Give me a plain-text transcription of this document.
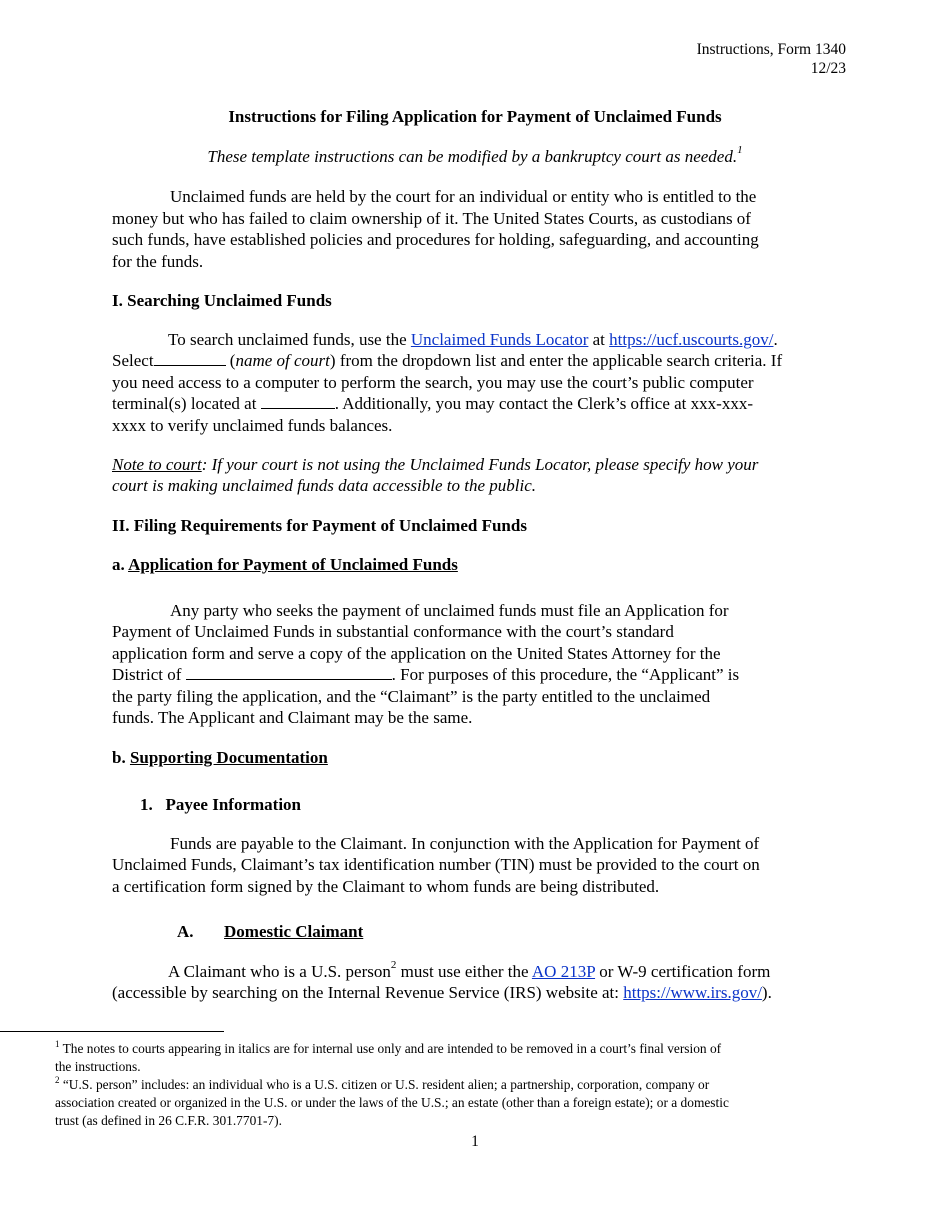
Instructions, Form 1340
12/23
Instructions for Filing Application for Payment of Unclaimed Funds
These template instructions can be modified by a bankruptcy court as needed.$^1$
Unclaimed funds are held by the court for an individual or entity who is entitled to the
money but who has failed to claim ownership of it. The United States Courts, as custodians of
such funds, have established policies and procedures for holding, safeguarding, and accounting
for the funds.
I. Searching Unclaimed Funds
To search unclaimed funds, use the Unclaimed Funds Locator at https://ucf.uscourts.gov/.
Select	(name of court) from the dropdown list and enter the applicable search criteria. If
you need access to a computer to perform the search, you may use the court’s public computer
terminal(s) located at	. Additionally, you may contact the Clerk’s office at xxx-xxx-
xxxx to verify unclaimed funds balances.
Note to court: If your court is not using the Unclaimed Funds Locator, please specify how your
court is making unclaimed funds data accessible to the public.
II. Filing Requirements for Payment of Unclaimed Funds
a. Application for Payment of Unclaimed Funds
Any party who seeks the payment of unclaimed funds must file an Application for
Payment of Unclaimed Funds in substantial conformance with the court’s standard
application form and serve a copy of the application on the United States Attorney for the
District of	. For purposes of this procedure, the “Applicant” is
the party filing the application, and the “Claimant” is the party entitled to the unclaimed
funds. The Applicant and Claimant may be the same.
b. Supporting Documentation
1.   Payee Information
Funds are payable to the Claimant. In conjunction with the Application for Payment of
Unclaimed Funds, Claimant’s tax identification number (TIN) must be provided to the court on
a certification form signed by the Claimant to whom funds are being distributed.
A. Domestic Claimant
A Claimant who is a U.S. person$^2$ must use either the AO 213P or W-9 certification form
(accessible by searching on the Internal Revenue Service (IRS) website at: https://www.irs.gov/).
$^1$ The notes to courts appearing in italics are for internal use only and are intended to be removed in a court’s final version of
the instructions.
$^2$ “U.S. person” includes: an individual who is a U.S. citizen or U.S. resident alien; a partnership, corporation, company or
association created or organized in the U.S. or under the laws of the U.S.; an estate (other than a foreign estate); or a domestic
trust (as defined in 26 C.F.R. 301.7701-7).
1
